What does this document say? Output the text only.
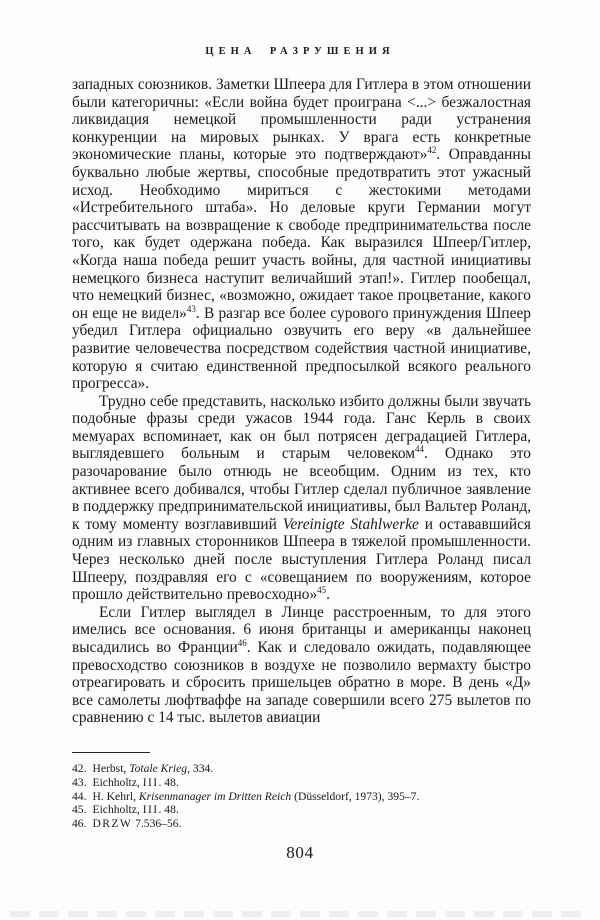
ЦЕНА РАЗРУШЕНИЯ

западных союзников. Заметки Шпеера для Гитлера в этом отношении были категоричны: «Если война будет проиграна <...> безжалостная ликвидация немецкой промышленности ради устранения конкуренции на мировых рынках. У врага есть конкретные экономические планы, которые это подтверждают»$^{42}$. Оправданны буквально любые жертвы, способные предотвратить этот ужасный исход. Необходимо мириться с жестокими методами «Истребительного штаба». Но деловые круги Германии могут рассчитывать на возвращение к свободе предпринимательства после того, как будет одержана победа. Как выразился Шпеер/Гитлер, «Когда наша победа решит участь войны, для частной инициативы немецкого бизнеса наступит величайший этап!». Гитлер пообещал, что немецкий бизнес, «возможно, ожидает такое процветание, какого он еще не видел»$^{43}$. В разгар все более сурового принуждения Шпеер убедил Гитлера официально озвучить его веру «в дальнейшее развитие человечества посредством содействия частной инициативе, которую я считаю единственной предпосылкой всякого реального прогресса».

Трудно себе представить, насколько избито должны были звучать подобные фразы среди ужасов 1944 года. Ганс Керль в своих мемуарах вспоминает, как он был потрясен деградацией Гитлера, выглядевшего больным и старым человеком$^{44}$. Однако это разочарование было отнюдь не всеобщим. Одним из тех, кто активнее всего добивался, чтобы Гитлер сделал публичное заявление в поддержку предпринимательской инициативы, был Вальтер Роланд, к тому моменту возглавивший Vereinigte Stahlwerke и остававшийся одним из главных сторонников Шпеера в тяжелой промышленности. Через несколько дней после выступления Гитлера Роланд писал Шпееру, поздравляя его с «совещанием по вооружениям, которое прошло действительно превосходно»$^{45}$.

Если Гитлер выглядел в Линце расстроенным, то для этого имелись все основания. 6 июня британцы и американцы наконец высадились во Франции$^{46}$. Как и следовало ожидать, подавляющее превосходство союзников в воздухе не позволило вермахту быстро отреагировать и сбросить пришельцев обратно в море. В день «Д» все самолеты люфтваффе на западе совершили всего 275 вылетов по сравнению с 14 тыс. вылетов авиации

42. Herbst, Totale Krieg, 334.
43. Eichholtz, III. 48.
44. H. Kehrl, Krisenmanager im Dritten Reich (Düsseldorf, 1973), 395–7.
45. Eichholtz, III. 48.
46. DRZW 7.536–56.
804
